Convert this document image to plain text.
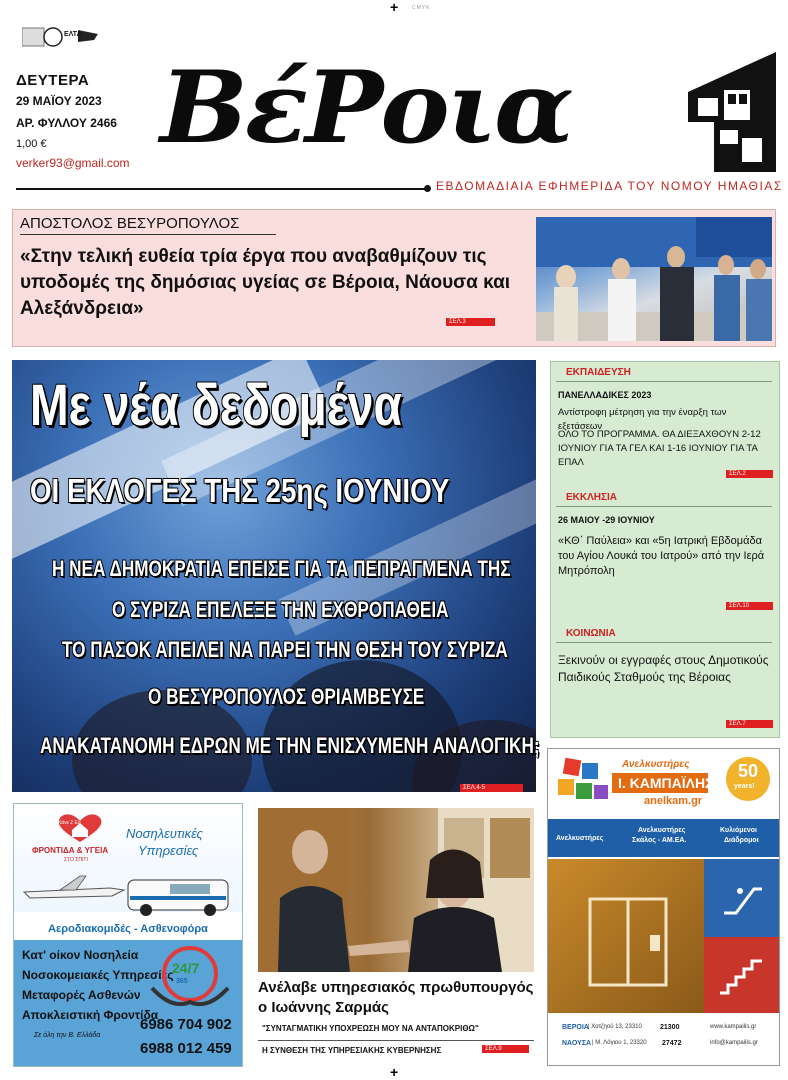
+	CMYK
+
ΕΛΤΑ
ΔΕΥΤΕΡΑ
29 ΜΑΪΟΥ 2023
ΑΡ. ΦΥΛΛΟΥ 2466
1,00 €
verker93@gmail.com ΒέΡοια
ΕΒΔΟΜΑΔΙΑΙΑ ΕΦΗΜΕΡΙΔΑ ΤΟΥ ΝΟΜΟΥ ΗΜΑΘΙΑΣ
ΑΠΟΣΤΟΛΟΣ ΒΕΣΥΡΟΠΟΥΛΟΣ
«Στην τελική ευθεία τρία έργα που αναβαθμίζουν τις υποδομές της δημόσιας υγείας σε Βέροια, Νάουσα και Αλεξάνδρεια»
ΣΕΛ.3
Με νέα δεδομένα
ΟΙ ΕΚΛΟΓΕΣ ΤΗΣ 25ης ΙΟΥΝΙΟΥ
Η ΝΕΑ ΔΗΜΟΚΡΑΤΙΑ ΕΠΕΙΣΕ ΓΙΑ ΤΑ ΠΕΠΡΑΓΜΕΝΑ ΤΗΣ
Ο ΣΥΡΙΖΑ ΕΠΕΛΕΞΕ ΤΗΝ ΕΧΘΡΟΠΑΘΕΙΑ
ΤΟ ΠΑΣΟΚ ΑΠΕΙΛΕΙ ΝΑ ΠΑΡΕΙ ΤΗΝ ΘΕΣΗ ΤΟΥ ΣΥΡΙΖΑ
Ο ΒΕΣΥΡΟΠΟΥΛΟΣ ΘΡΙΑΜΒΕΥΣΕ
ΑΝΑΚΑΤΑΝΟΜΗ ΕΔΡΩΝ ΜΕ ΤΗΝ ΕΝΙΣΧΥΜΕΝΗ ΑΝΑΛΟΓΙΚΗ;
ΣΕΛ.4-5
ΕΚΠΑΙΔΕΥΣΗ
ΠΑΝΕΛΛΑΔΙΚΕΣ 2023
Αντίστροφη μέτρηση για την έναρξη των εξετάσεων
ΟΛΟ ΤΟ ΠΡΟΓΡΑΜΜΑ. ΘΑ ΔΙΕΞΑΧΘΟΥΝ 2-12 ΙΟΥΝΙΟΥ ΓΙΑ ΤΑ ΓΕΛ ΚΑΙ 1-16 ΙΟΥΝΙΟΥ ΓΙΑ ΤΑ ΕΠΑΛ
ΣΕΛ.2
ΕΚΚΛΗΣΙΑ
26 ΜΑΙΟΥ -29 ΙΟΥΝΙΟΥ
«ΚΘ΄ Παύλεια» και «5η Ιατρική Εβδομάδα του Αγίου Λουκά του Ιατρού» από την Ιερά Μητρόπολη
ΣΕΛ.10
ΚΟΙΝΩΝΙΑ
Ξεκινούν οι εγγραφές στους Δημοτικούς Παιδικούς Σταθμούς της Βέροιας
ΣΕΛ.7
Κάνε 2 Ευ
ΦΡΟΝΤΙΔΑ & ΥΓΕΙΑ
ΣΤΟ ΣΠΙΤΙ
Νοσηλευτικές
Υπηρεσίες
Αεροδιακομιδές - Ασθενοφόρα
Κατ' οίκον Νοσηλεία
Νοσοκομειακές Υπηρεσίες
Μεταφορές Ασθενών
Αποκλειστική Φροντίδα
24/7
365
6986 704 902
6988 012 459
Σε όλη την Β. Ελλάδα
Ανέλαβε υπηρεσιακός πρωθυπουργός ο Ιωάννης Σαρμάς
"ΣΥΝΤΑΓΜΑΤΙΚΗ ΥΠΟΧΡΕΩΣΗ ΜΟΥ ΝΑ ΑΝΤΑΠΟΚΡΙΘΩ"
Η ΣΥΝΘΕΣΗ ΤΗΣ ΥΠΗΡΕΣΙΑΚΗΣ ΚΥΒΕΡΝΗΣΗΣ	ΣΕΛ.9
Ανελκυστήρες
Ι. ΚΑΜΠΑΪΛΗΣ
anelkam.gr
50
years!
Ανελκυστήρες
Ανελκυστήρες
Σκάλος - ΑΜ.ΕΑ.
Κυλιόμενοι
Διάδρομοι
ΒΕΡΟΙΑ | Χατζηού 13, 23310	21300
ΝΑΟΥΣΑ | Μ. Λόγιου 1, 23320 27472
www.kampailis.gr
info@kampailis.gr
